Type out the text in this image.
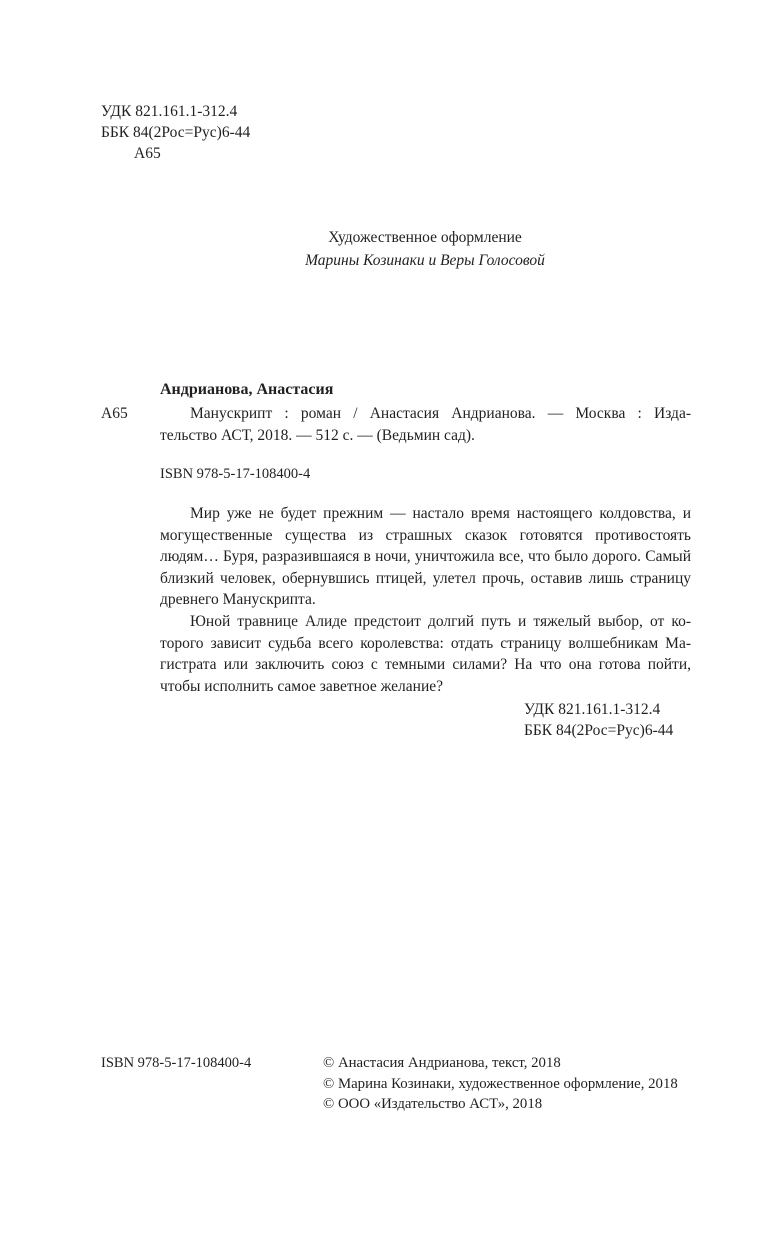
УДК 821.161.1-312.4
ББК 84(2Рос=Рус)6-44
А65
Художественное оформление
Марины Козинаки и Веры Голосовой
Андрианова, Анастасия
А65	Манускрипт : роман / Анастасия Андрианова. — Москва : Изда-
тельство АСТ, 2018. — 512 с. — (Ведьмин сад).
ISBN 978-5-17-108400-4

Мир уже не будет прежним — настало время настоящего колдовства, и могущественные существа из страшных сказок готовятся противостоять людям… Буря, разразившаяся в ночи, уничтожила все, что было дорого. Самый близкий человек, обернувшись птицей, улетел прочь, оставив лишь страницу древнего Манускрипта.

Юной травнице Алиде предстоит долгий путь и тяжелый выбор, от которого зависит судьба всего королевства: отдать страницу волшебникам Магистрата или заключить союз с темными силами? На что она готова пойти, чтобы исполнить самое заветное желание?

УДК 821.161.1-312.4
ББК 84(2Рос=Рус)6-44
ISBN 978-5-17-108400-4	© Анастасия Андрианова, текст, 2018
© Марина Козинаки, художественное оформление, 2018
© ООО «Издательство АСТ», 2018
